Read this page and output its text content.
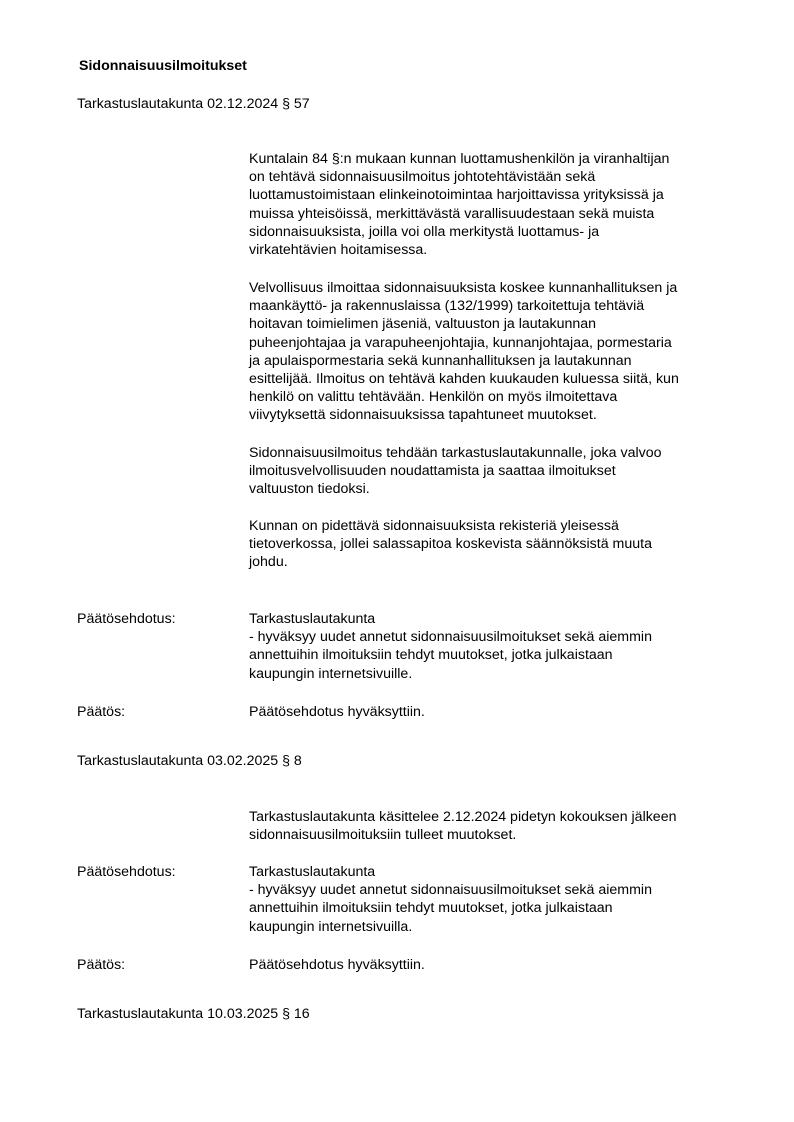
Sidonnaisuusilmoitukset
Tarkastuslautakunta 02.12.2024 § 57

Kuntalain 84 §:n mukaan kunnan luottamushenkilön ja viranhaltijan
on tehtävä sidonnaisuusilmoitus johtotehtävistään sekä
luottamustoimistaan elinkeinotoimintaa harjoittavissa yrityksissä ja
muissa yhteisöissä, merkittävästä varallisuudestaan sekä muista
sidonnaisuuksista, joilla voi olla merkitystä luottamus- ja
virkatehtävien hoitamisessa.

Velvollisuus ilmoittaa sidonnaisuuksista koskee kunnanhallituksen ja
maankäyttö- ja rakennuslaissa (132/1999) tarkoitettuja tehtäviä
hoitavan toimielimen jäseniä, valtuuston ja lautakunnan
puheenjohtajaa ja varapuheenjohtajia, kunnanjohtajaa, pormestaria
ja apulaispormestaria sekä kunnanhallituksen ja lautakunnan
esittelijää. Ilmoitus on tehtävä kahden kuukauden kuluessa siitä, kun
henkilö on valittu tehtävään. Henkilön on myös ilmoitettava
viivytyksettä sidonnaisuuksissa tapahtuneet muutokset.

Sidonnaisuusilmoitus tehdään tarkastuslautakunnalle, joka valvoo
ilmoitusvelvollisuuden noudattamista ja saattaa ilmoitukset
valtuuston tiedoksi.

Kunnan on pidettävä sidonnaisuuksista rekisteriä yleisessä
tietoverkossa, jollei salassapitoa koskevista säännöksistä muuta
johdu.

Päätösehdotus:	Tarkastuslautakunta
- hyväksyy uudet annetut sidonnaisuusilmoitukset sekä aiemmin
annettuihin ilmoituksiin tehdyt muutokset, jotka julkaistaan
kaupungin internetsivuille.
Päätös:	Päätösehdotus hyväksyttiin.
Tarkastuslautakunta 03.02.2025 § 8

Tarkastuslautakunta käsittelee 2.12.2024 pidetyn kokouksen jälkeen
sidonnaisuusilmoituksiin tulleet muutokset.

Päätösehdotus:	Tarkastuslautakunta
- hyväksyy uudet annetut sidonnaisuusilmoitukset sekä aiemmin
annettuihin ilmoituksiin tehdyt muutokset, jotka julkaistaan
kaupungin internetsivuilla.
Päätös:	Päätösehdotus hyväksyttiin.
Tarkastuslautakunta 10.03.2025 § 16
